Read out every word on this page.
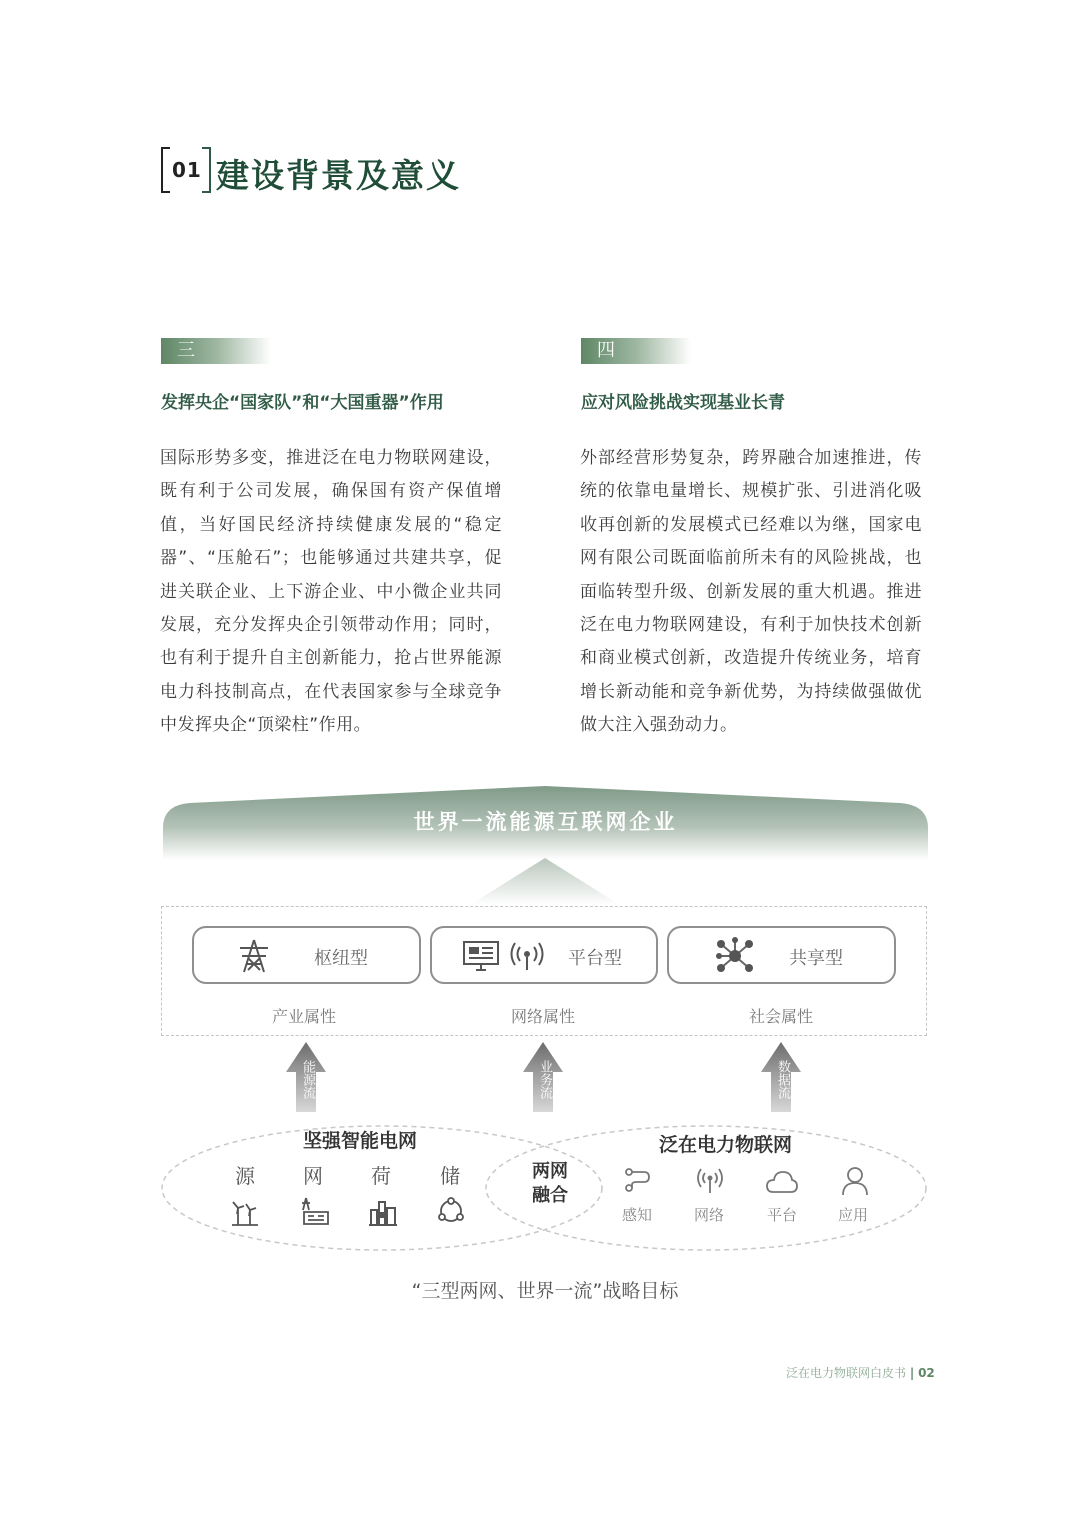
01 建设背景及意义
三
发挥央企“国家队”和“大国重器”作用
国际形势多变，推进泛在电力物联网建设，既有利于公司发展，确保国有资产保值增值，当好国民经济持续健康发展的“稳定器”、“压舱石”；也能够通过共建共享，促进关联企业、上下游企业、中小微企业共同发展，充分发挥央企引领带动作用；同时，也有利于提升自主创新能力，抢占世界能源电力科技制高点，在代表国家参与全球竞争中发挥央企“顶梁柱”作用。
四
应对风险挑战实现基业长青
外部经营形势复杂，跨界融合加速推进，传统的依靠电量增长、规模扩张、引进消化吸收再创新的发展模式已经难以为继，国家电网有限公司既面临前所未有的风险挑战，也面临转型升级、创新发展的重大机遇。推进泛在电力物联网建设，有利于加快技术创新和商业模式创新，改造提升传统业务，培育增长新动能和竞争新优势，为持续做强做优做大注入强劲动力。
世界一流能源互联网企业
枢纽型	平台型	共享型
产业属性	网络属性	社会属性
能源流	业务流	数据流
坚强智能电网
源 网 荷 储	两网
融合
泛在电力物联网
感知	网络	平台	应用
“三型两网、世界一流”战略目标
泛在电力物联网白皮书 | 02
